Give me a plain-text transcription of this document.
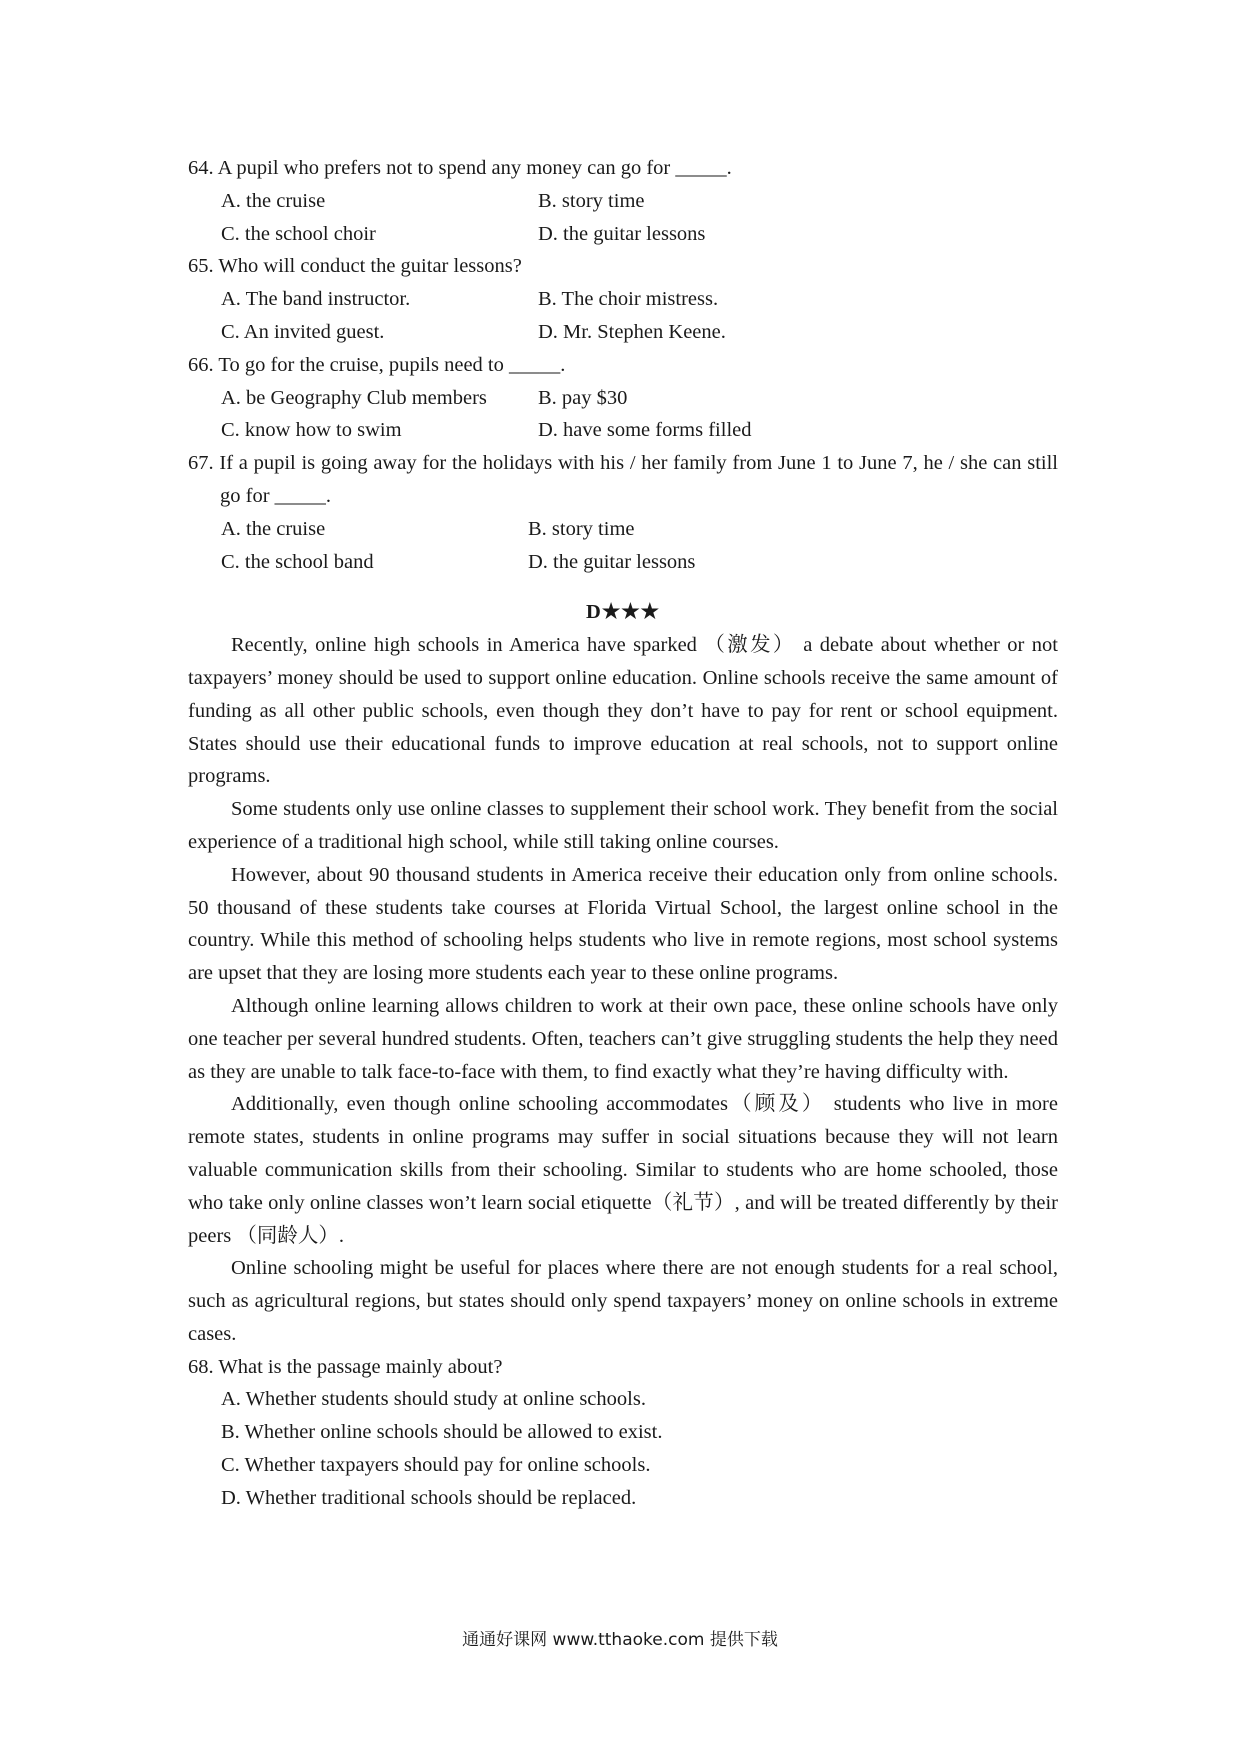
64. A pupil who prefers not to spend any money can go for _____.

A. the cruise	B. story time
C. the school choir	D. the guitar lessons

65. Who will conduct the guitar lessons?

A. The band instructor.	B. The choir mistress.
C. An invited guest.	D. Mr. Stephen Keene.

66. To go for the cruise, pupils need to _____.

A. be Geography Club members	B. pay $30
C. know how to swim	D. have some forms filled

67. If a pupil is going away for the holidays with his / her family from June 1 to June 7, he / she can still go for _____.

A. the cruise	B. story time
C. the school band	D. the guitar lessons

D★★★

Recently, online high schools in America have sparked （激发） a debate about whether or not taxpayers’ money should be used to support online education. Online schools receive the same amount of funding as all other public schools, even though they don’t have to pay for rent or school equipment. States should use their educational funds to improve education at real schools, not to support online programs.

Some students only use online classes to supplement their school work. They benefit from the social experience of a traditional high school, while still taking online courses.

However, about 90 thousand students in America receive their education only from online schools. 50 thousand of these students take courses at Florida Virtual School, the largest online school in the country. While this method of schooling helps students who live in remote regions, most school systems are upset that they are losing more students each year to these online programs.

Although online learning allows children to work at their own pace, these online schools have only one teacher per several hundred students. Often, teachers can’t give struggling students the help they need as they are unable to talk face-to-face with them, to find exactly what they’re having difficulty with.

Additionally, even though online schooling accommodates（顾及） students who live in more remote states, students in online programs may suffer in social situations because they will not learn valuable communication skills from their schooling. Similar to students who are home schooled, those who take only online classes won’t learn social etiquette（礼节）, and will be treated differently by their peers （同龄人）.

Online schooling might be useful for places where there are not enough students for a real school, such as agricultural regions, but states should only spend taxpayers’ money on online schools in extreme cases.

68. What is the passage mainly about?

A. Whether students should study at online schools.
B. Whether online schools should be allowed to exist.
C. Whether taxpayers should pay for online schools.
D. Whether traditional schools should be replaced.
通通好课网 www.tthaoke.com 提供下载
